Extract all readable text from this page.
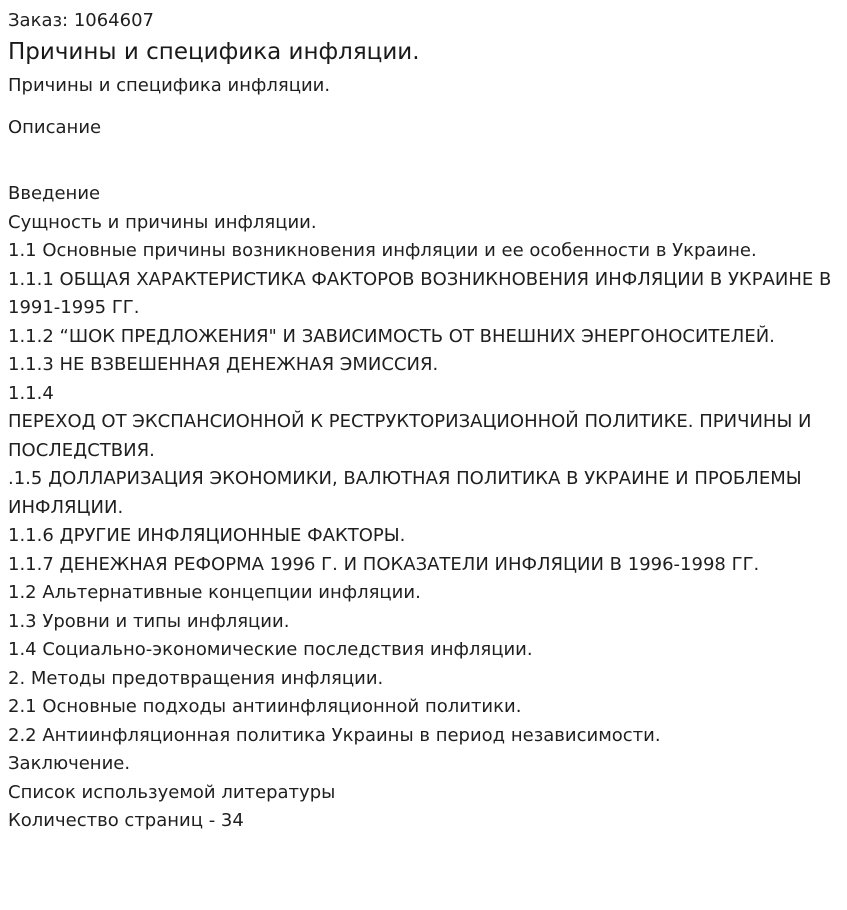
Заказ: 1064607
Причины и специфика инфляции.
Причины и специфика инфляции.
Описание
Введение
Сущность и причины инфляции.
1.1 Основные причины возникновения инфляции и ее особенности в Украине.
1.1.1 ОБЩАЯ ХАРАКТЕРИСТИКА ФАКТОРОВ ВОЗНИКНОВЕНИЯ ИНФЛЯЦИИ В УКРАИНЕ В 1991-1995 ГГ.
1.1.2 “ШОК ПРЕДЛОЖЕНИЯ" И ЗАВИСИМОСТЬ ОТ ВНЕШНИХ ЭНЕРГОНОСИТЕЛЕЙ.
1.1.3 НЕ ВЗВЕШЕННАЯ ДЕНЕЖНАЯ ЭМИССИЯ.
1.1.4
ПЕРЕХОД ОТ ЭКСПАНСИОННОЙ К РЕСТРУКТОРИЗАЦИОННОЙ ПОЛИТИКЕ. ПРИЧИНЫ И ПОСЛЕДСТВИЯ.
.1.5 ДОЛЛАРИЗАЦИЯ ЭКОНОМИКИ, ВАЛЮТНАЯ ПОЛИТИКА В УКРАИНЕ И ПРОБЛЕМЫ ИНФЛЯЦИИ.
1.1.6 ДРУГИЕ ИНФЛЯЦИОННЫЕ ФАКТОРЫ.
1.1.7 ДЕНЕЖНАЯ РЕФОРМА 1996 Г. И ПОКАЗАТЕЛИ ИНФЛЯЦИИ В 1996-1998 ГГ.
1.2 Альтернативные концепции инфляции.
1.3 Уровни и типы инфляции.
1.4 Социально-экономические последствия инфляции.
2. Методы предотвращения инфляции.
2.1 Основные подходы антиинфляционной политики.
2.2 Антиинфляционная политика Украины в период независимости.
Заключение.
Список используемой литературы
Количество страниц - 34
